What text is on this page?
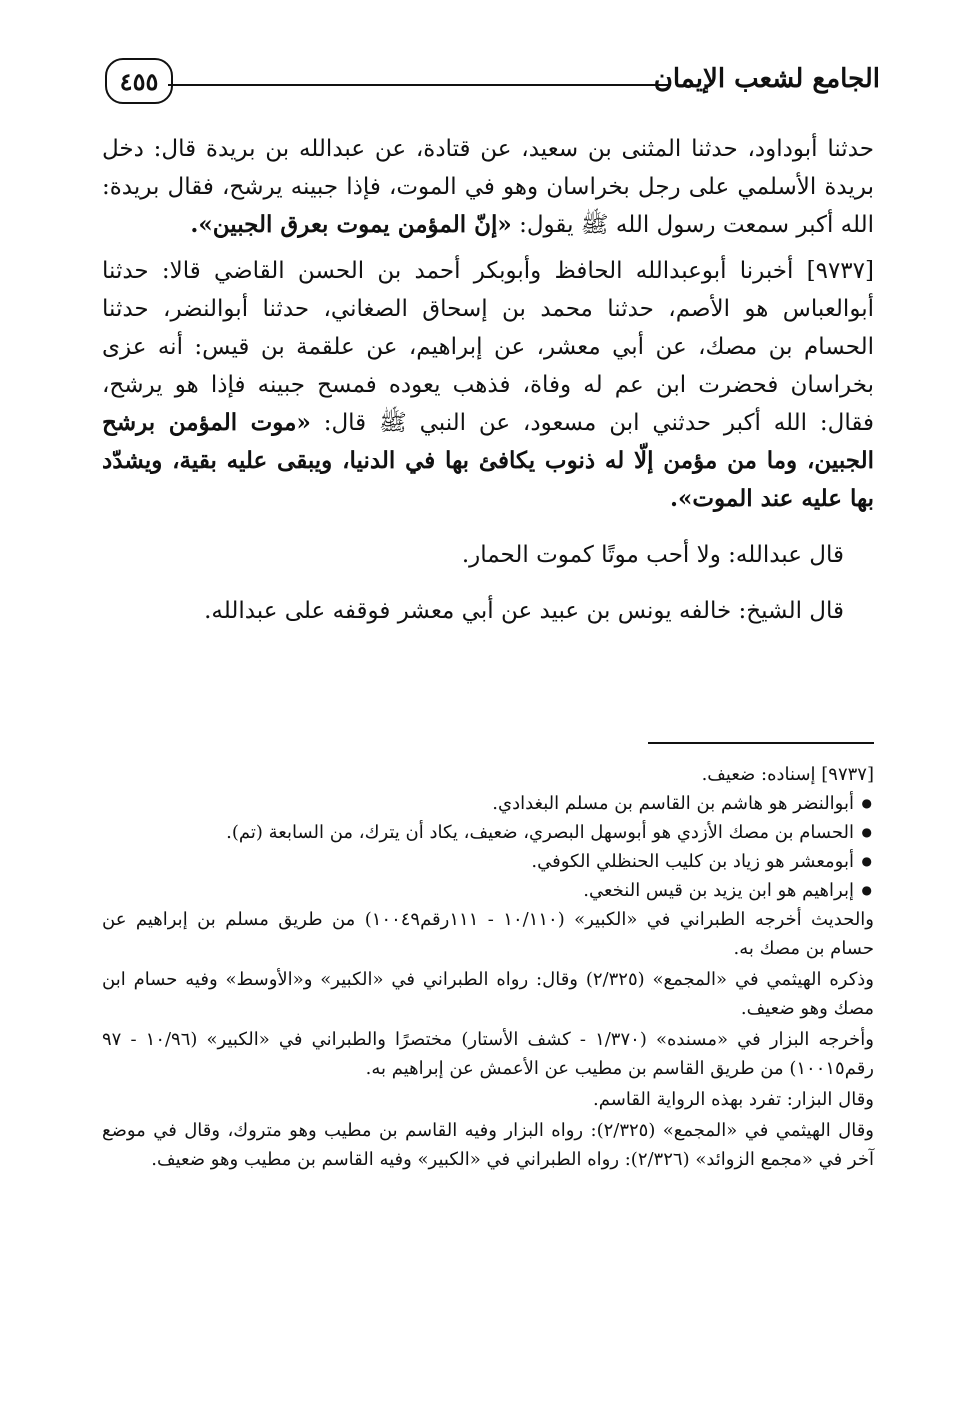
الجامع لشعب الإيمان
٤٥٥

حدثنا أبوداود، حدثنا المثنى بن سعيد، عن قتادة، عن عبدالله بن بريدة قال: دخل بريدة الأسلمي على رجل بخراسان وهو في الموت، فإذا جبينه يرشح، فقال بريدة: الله أكبر سمعت رسول الله ﷺ يقول: «إنّ المؤمن يموت بعرق الجبين».

[٩٧٣٧] أخبرنا أبوعبدالله الحافظ وأبوبكر أحمد بن الحسن القاضي قالا: حدثنا أبوالعباس هو الأصم، حدثنا محمد بن إسحاق الصغاني، حدثنا أبوالنضر، حدثنا الحسام بن مصك، عن أبي معشر، عن إبراهيم، عن علقمة بن قيس: أنه عزى بخراسان فحضرت ابن عم له وفاة، فذهب يعوده فمسح جبينه فإذا هو يرشح، فقال: الله أكبر حدثني ابن مسعود، عن النبي ﷺ قال: «موت المؤمن برشح الجبين، وما من مؤمن إلّا له ذنوب يكافئ بها في الدنيا، ويبقى عليه بقية، ويشدّد بها عليه عند الموت».

قال عبدالله: ولا أحب موتًا كموت الحمار.

قال الشيخ: خالفه يونس بن عبيد عن أبي معشر فوقفه على عبدالله.

[٩٧٣٧] إسناده: ضعيف.

● أبوالنضر هو هاشم بن القاسم بن مسلم البغدادي.
● الحسام بن مصك الأزدي هو أبوسهل البصري، ضعيف، يكاد أن يترك، من السابعة (تم).
● أبومعشر هو زياد بن كليب الحنظلي الكوفي.
● إبراهيم هو ابن يزيد بن قيس النخعي.

والحديث أخرجه الطبراني في «الكبير» (١٠/١١٠ - ١١١رقم١٠٠٤٩) من طريق مسلم بن إبراهيم عن حسام بن مصك به.

وذكره الهيثمي في «المجمع» (٢/٣٢٥) وقال: رواه الطبراني في «الكبير» و«الأوسط» وفيه حسام ابن مصك وهو ضعيف.

وأخرجه البزار في «مسنده» (١/٣٧٠ - كشف الأستار) مختصرًا والطبراني في «الكبير» (١٠/٩٦ - ٩٧ رقم١٠٠١٥) من طريق القاسم بن مطيب عن الأعمش عن إبراهيم به.

وقال البزار: تفرد بهذه الرواية القاسم.

وقال الهيثمي في «المجمع» (٢/٣٢٥): رواه البزار وفيه القاسم بن مطيب وهو متروك، وقال في موضع آخر في «مجمع الزوائد» (٢/٣٢٦): رواه الطبراني في «الكبير» وفيه القاسم بن مطيب وهو ضعيف.
